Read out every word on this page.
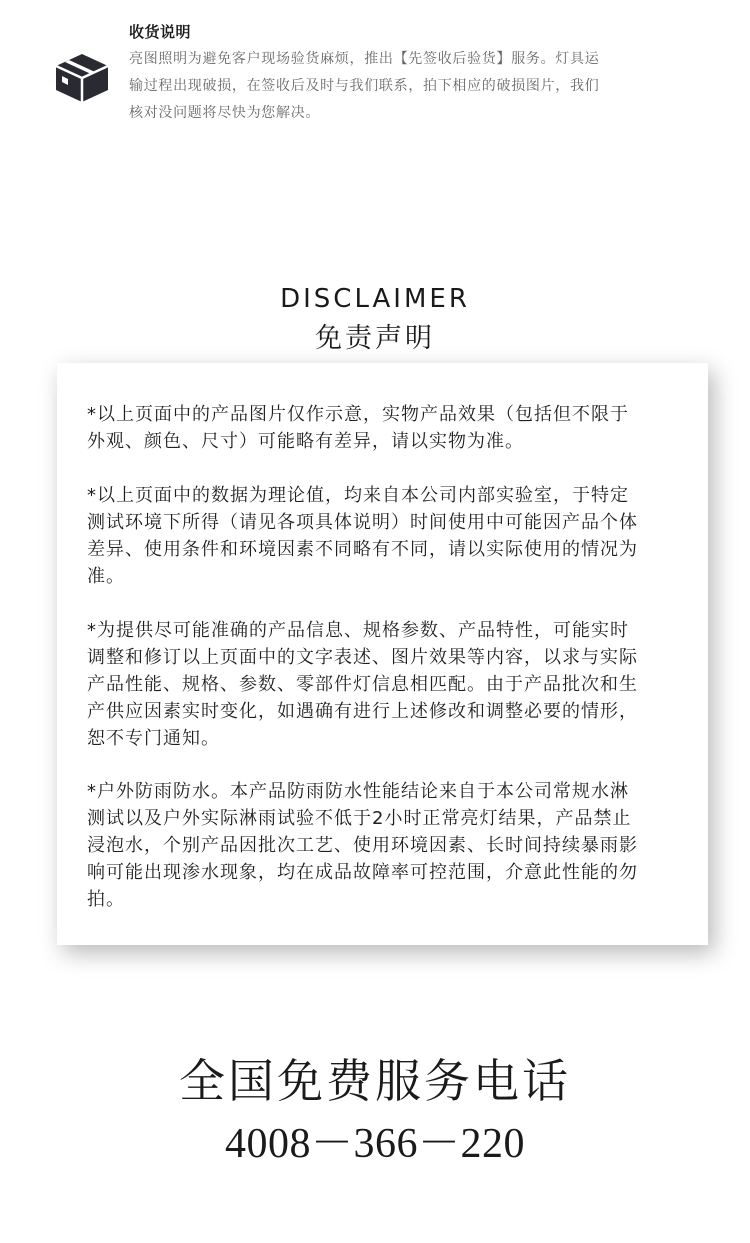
收货说明

亮图照明为避免客户现场验货麻烦，推出【先签收后验货】服务。灯具运
输过程出现破损，在签收后及时与我们联系，拍下相应的破损图片，我们
核对没问题将尽快为您解决。

DISCLAIMER
免责声明

*以上页面中的产品图片仅作示意，实物产品效果（包括但不限于
外观、颜色、尺寸）可能略有差异，请以实物为准。

*以上页面中的数据为理论值，均来自本公司内部实验室，于特定
测试环境下所得（请见各项具体说明）时间使用中可能因产品个体
差异、使用条件和环境因素不同略有不同，请以实际使用的情况为
准。

*为提供尽可能准确的产品信息、规格参数、产品特性，可能实时
调整和修订以上页面中的文字表述、图片效果等内容，以求与实际
产品性能、规格、参数、零部件灯信息相匹配。由于产品批次和生
产供应因素实时变化，如遇确有进行上述修改和调整必要的情形，
恕不专门通知。

*户外防雨防水。本产品防雨防水性能结论来自于本公司常规水淋
测试以及户外实际淋雨试验不低于2小时正常亮灯结果，产品禁止
浸泡水，个别产品因批次工艺、使用环境因素、长时间持续暴雨影
响可能出现渗水现象，均在成品故障率可控范围，介意此性能的勿
拍。

全国免费服务电话
4008－366－220
